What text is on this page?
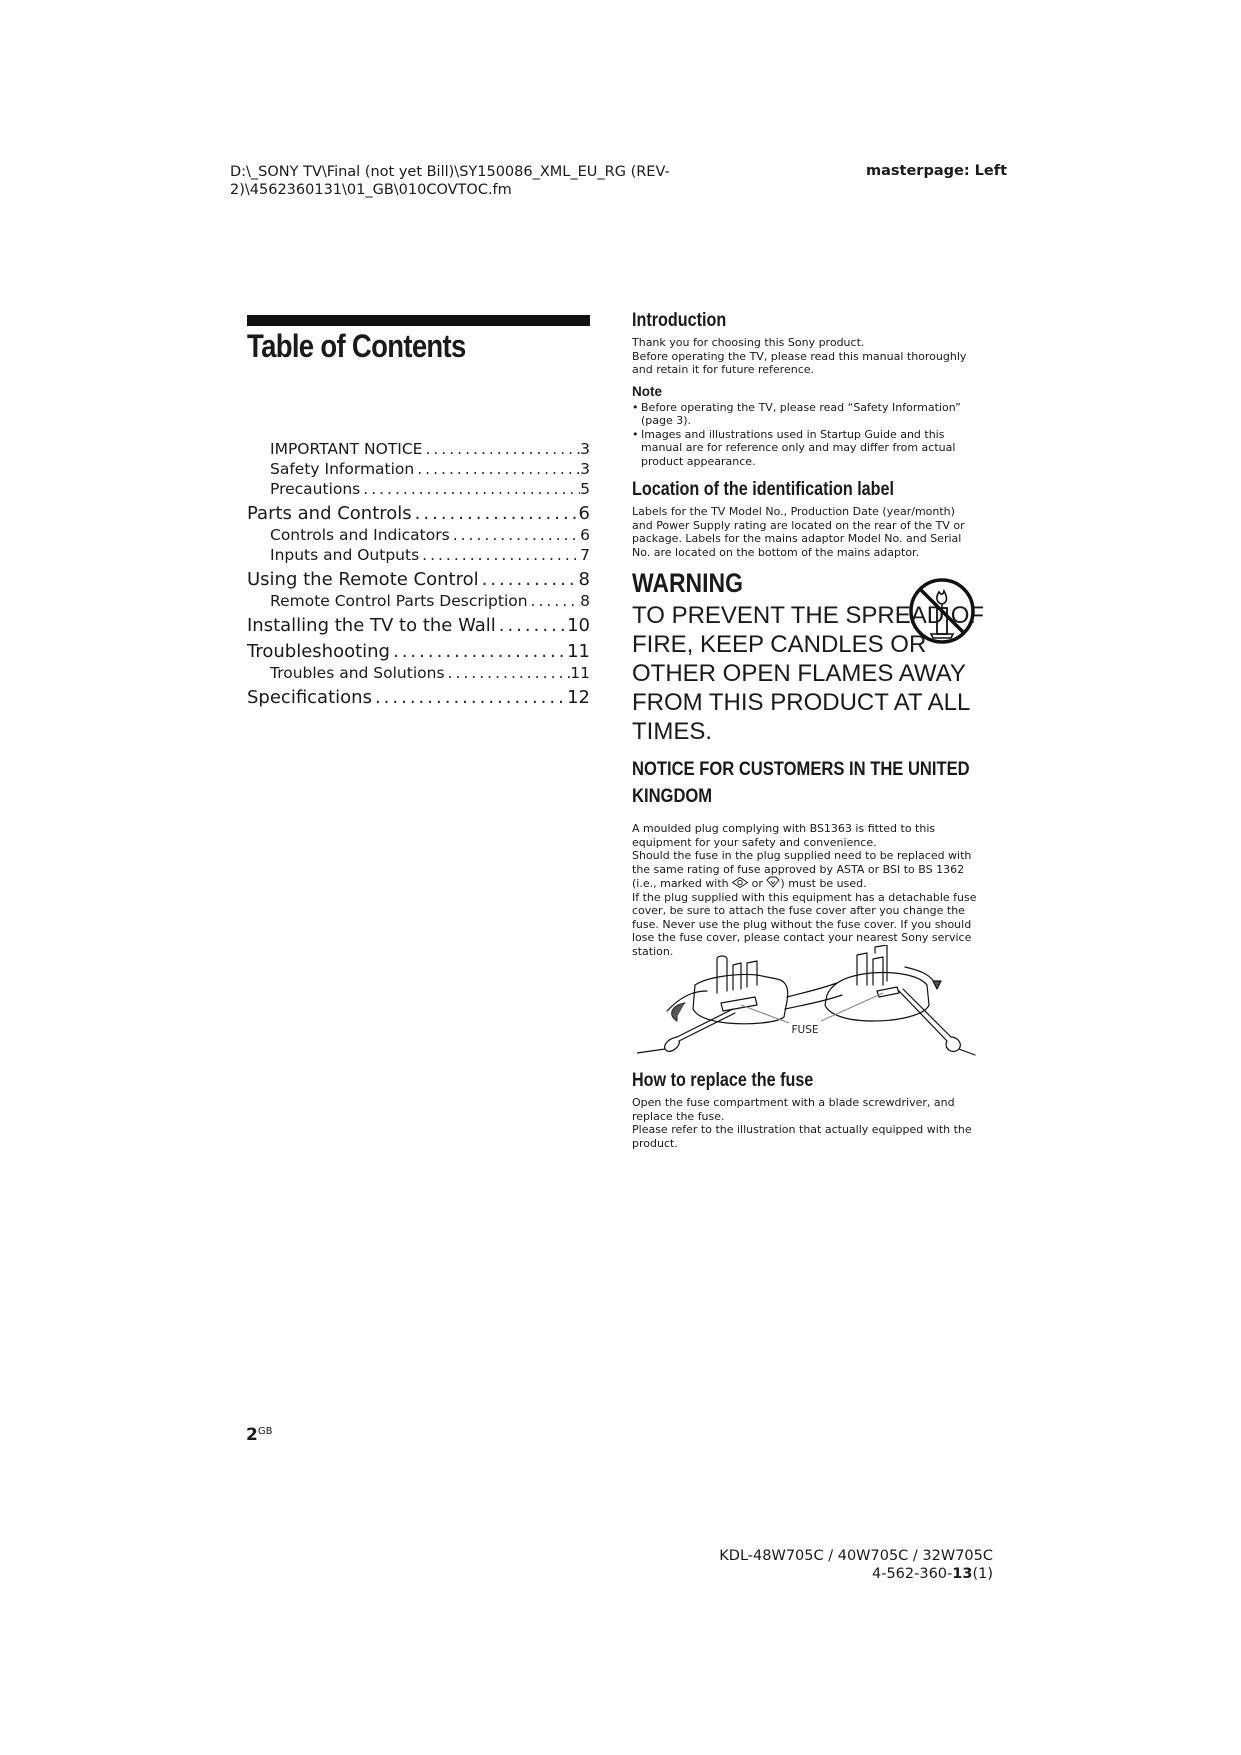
D:\_SONY TV\Final (not yet Bill)\SY150086_XML_EU_RG (REV-2)\4562360131\01_GB\010COVTOC.fm
masterpage: Left
Table of Contents
IMPORTANT NOTICE .....	3
Safety Information .....	3
Precautions .....	5
Parts and Controls .....	6
Controls and Indicators .....	6
Inputs and Outputs .....	7
Using the Remote Control .....	8
Remote Control Parts Description .....	8
Installing the TV to the Wall .....	10
Troubleshooting .....	11
Troubles and Solutions .....	11
Specifications .....	12
Introduction
Thank you for choosing this Sony product.
Before operating the TV, please read this manual thoroughly and retain it for future reference.
Note
• Before operating the TV, please read “Safety Information” (page 3).
• Images and illustrations used in Startup Guide and this manual are for reference only and may differ from actual product appearance.
Location of the identification label
Labels for the TV Model No., Production Date (year/month) and Power Supply rating are located on the rear of the TV or package. Labels for the mains adaptor Model No. and Serial No. are located on the bottom of the mains adaptor.
WARNING
TO PREVENT THE SPREAD OF FIRE, KEEP CANDLES OR OTHER OPEN FLAMES AWAY FROM THIS PRODUCT AT ALL TIMES.
NOTICE FOR CUSTOMERS IN THE UNITED KINGDOM
A moulded plug complying with BS1363 is fitted to this equipment for your safety and convenience.
Should the fuse in the plug supplied need to be replaced with the same rating of fuse approved by ASTA or BSI to BS 1362 (i.e., marked with or ) must be used.
If the plug supplied with this equipment has a detachable fuse cover, be sure to attach the fuse cover after you change the fuse. Never use the plug without the fuse cover. If you should lose the fuse cover, please contact your nearest Sony service station.
FUSE
How to replace the fuse
Open the fuse compartment with a blade screwdriver, and replace the fuse.
Please refer to the illustration that actually equipped with the product.
$2^{GB}$
KDL-48W705C / 40W705C / 32W705C
4-562-360-13(1)
